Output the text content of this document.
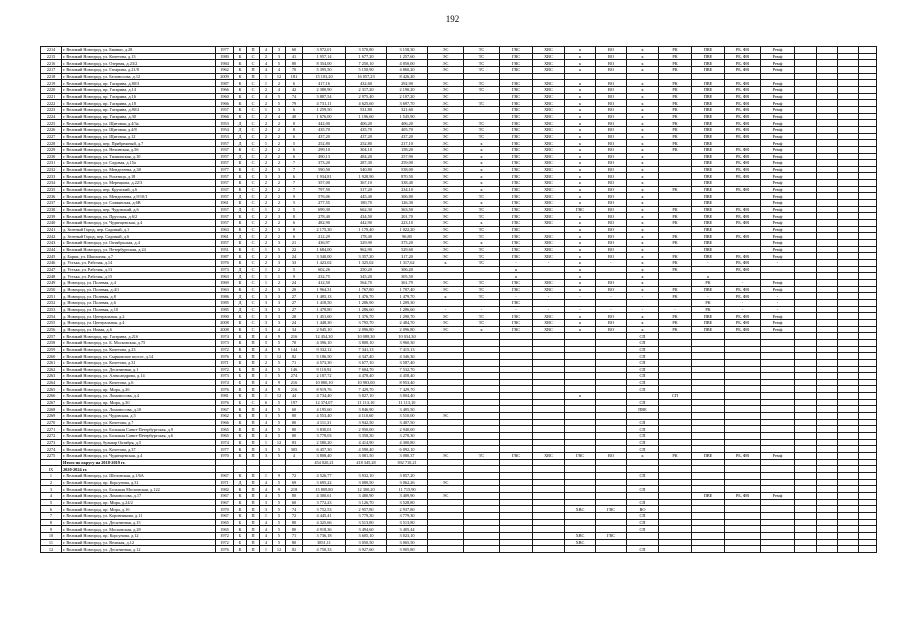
192
2214	г. Великий Новгород, ул. Бианки, д.28	1977	К	П	4	3	60	3 972,01	3 570,80	3 158,30	ЭС	ТС	ГВС	ХВС	к	ВО	к	РК	ПВЕ	РБ, ФВ	Ремф				
2215	г. Великий Новгород, ул. Кочетова, д.13	1980	К	С	2	3	41	1 957,14	1 677,20	1 257,60	ЭС	ТС	ГВС	ХВС	к	ВО	к	РК	ПВЕ	РБ, ФВ	Ремф				
2216	г. Великий Новгород, ул. Озерная, д.23/2	1984	К	С	4	5	80	8 354,00	7 250,10	4 850,00	ЭС	ТС	ГВС	ХВС	к	ВО	к	РК	ПВЕ	РБ, ФВ	Ремф				
2217	г. Великий Новгород, ул. Гагарина, д.21/8	1962	К	П	4	4	70	5 395,50	5 150,90	4 860,20	ЭС	ТС	ГВС	ХВС	к	ВО	к	РК	ПВЕ	РБ, ФВ	Ремф				
2218	г. Великий Новгород, ул. Белоносова, д.12	2009	К	П	1	12	181	15 103,20	16 057,23	8 426,20															
2219	г. Великий Новгород, пр. Гагарина, д.80/3	1987	К	С	1	2	6	417,16	432,60	292,90	ЭС	ТС	ГВС	ХВС	к	ВО	к	РК	ПВЕ	РБ, ФВ	Ремф				
2220	г. Великий Новгород, пр. Гагарина, д.14	1966	К	С	2	4	42	2 380,90	2 317,20	2 190,20	ЭС	ТС	ГВС	ХВС	к	ВО	к	РК	ПВЕ	РБ, ФВ	Ремф				
2221	г. Великий Новгород, пр. Гагарина, д.16	1960	К	С	4	5	74	3 887,54	2 975,40	2 107,20	ЭС		ГВС	ХВС	к	ВО	к	РК	ПВЕ	РБ, ФВ	Ремф				
2222	г. Великий Новгород, пр. Гагарина, д.18	1966	К	С	2	5	79	4 731,11	4 625,60	3 697,70	ЭС	ТС	ГВС	ХВС	к	ВО	к	РК	ПВЕ	РБ, ФВ	Ремф				
2223	г. Великий Новгород, пр. Гагарина, д.80/2	1957	К	С	1	3	6	1 259,50	531,80	321,60	ЭС		ГВС	ХВС	к	ВО	к	РК	ПВЕ	РБ, ФВ	Ремф				
2224	г. Великий Новгород, пр. Гагарина, д.30	1966	К	С	2	4	40	1 676,00	1 196,60	1 545,90	ЭС		ГВС	ХВС	к	ВО	к	РК	ПВЕ	РБ, ФВ	Ремф				
2225	г. Великий Новгород, ул. Щитовая, д.4/3а	1953	Д	С	2	2	8	442,00	406,20	406,20	ЭС	ТС	ГВС	ХВС	к	ВО	к	РК	ПВЕ	РБ, ФВ	Ремф				
2226	г. Великий Новгород, ул. Щитовая, д.4/8	1954	Д	С	2	2	8	435,70	435,70	405,70	ЭС	ТС	ГВС	ХВС	к	ВО	к	РК	ПВЕ	РБ, ФВ	Ремф				
2227	г. Великий Новгород, ул. Щитовая, д.12	1953	Д	С	2	2	6	437,20	437,20	437,20	ЭС	ТС	ГВС	ХВС	к	ВО	к	РК	ПВЕ	РБ, ФВ	Ремф				
2228	г. Великий Новгород, пер. Прибрежный, д.7	1957	Д	С	1	2	5	252,80	252,80	217,10	ЭС	к	ГВС	ХВС	к	ВО	к	РК	ПВЕ		Ремф				
2229	г. Великий Новгород, ул. Нехинская, д.56	1937	К	С	2	2	6	299,10	304,10	158,20	ЭС	к	ГВС	ХВС	к	ВО	к	РК	ПВЕ	РБ, ФВ	Ремф				
2230	г. Великий Новгород, ул. Тихвинская, д.10	1957	Д	С	2	2	6	490,13	484,20	257,90	ЭС	к	ГВС	ХВС	к	ВО	к		ПВЕ	РБ, ФВ	Ремф				
2231	г. Великий Новгород, ул. Садовая, д.15а	1957	К	С	2	2	7	373,20	287,30	259,00	ЭС	к	ГВС	ХВС	к	ВО	к		ПВЕ	РБ, ФВ	Ремф				
2232	г. Великий Новгород, ул. Менделеева, д.30	1977	К	С	2	3	7	590,50	540,80	538,00	ЭС	к	ГВС	ХВС	к	ВО	к		ПВЕ	РБ, ФВ	Ремф				
2233	г. Великий Новгород, ул. Рогатица, д.18	1957	К	С	3	3	6	1 934,81	1 928,90	870,50	ЭС	к	ГВС	ХВС	к	ВО	к		ПВЕ	РБ, ФВ	Ремф				
2234	г. Великий Новгород, ул. Мерецкова, д.22/3	1957	К	С	2	2	7	357,00	367,10	338,40	ЭС	к	ГВС	ХВС	к	ВО	к		ПВЕ		Ремф				
2235	г. Великий Новгород, пер. Крупский, д.6	1937	К	С	2	2	7	797,50	317,20	234,10	ЭС	к	ГВС	ХВС	к	ВО	к	РК	ПВЕ	РБ, ФВ	Ремф				
2236	г. Великий Новгород, ул. Менделеева, д.9/10/1	1957	Д	С	2	2	9	576,06	445,40	306,80	ЭС	ТС	ГВС	ХВС	к	ВО	к		ПВЕ		Ремф				
2237	г. Великий Новгород, ул. Славянская, д.6В	1961	К	С	2	2	5	277,55	180,70	126,30	ЭС	к	ГВС	ХВС	к	ВО	к		ПВЕ		Ремф				
2238	г. Великий Новгород, пер. Чудовский, д.6	1957	Д	С	1	2	5	699,30	662,30	363,50	ЭС	ТС	ГВС	ХВС	ГВС	ВО	к	РК	ПВЕ	РБ, ФВ	Ремф				
2239	г. Великий Новгород, ул. Прусская, д.6/2	1937	К	С	2	3	8	278,40	434,50	201,70	ЭС	ТС	ГВС	ХВС	к	ВО	к	РК	ПВЕ	РБ, ФВ	Ремф				
2240	г. Великий Новгород, ул. Чудинцевская, д.4	1957	К	С	2	2	6	482,90	442,90	223,10	ЭС	к	ГВС	ХВС	к	ВО	к	РК	ПВЕ	РБ, ФВ	Ремф				
2241	д. Зеленый Город, пер. Садовый, д.1	1963	К	С	2	3	8	2 175,30	1 170,40	1 022,20	ЭС	ТС	ГВС		к	ВО	к		ПВЕ		Ремф				
2242	д. Зеленый Город, пер. Садовый, д.6	1961	Д	С	2	2	6	212,29	178,40	96,80	ЭС	ТС	ГВС	ХВС	к	ВО	к	РК	ПВЕ	РБ, ФВ	Ремф				
2243	г. Великий Новгород, ул. Октябрьская, д.4	1957	К	С	2	3	21	436,97	329,90	375,20	ЭС	к	ГВС	ХВС	к	ВО	к	РК	ПВЕ		Ремф				
2244	г. Великий Новгород, ул. Петербургская, д.24	1951	К	С	1	5	22	1 684,00	962,90	529,60	ЭС	ТС	ГВС	ХВС	к	ВО	к		ПВЕ		Ремф				
2245	д. Борки, ул. Школьная, д.7	1987	К	С	2	3	24	3 340,00	3 357,20	317,20	ЭС	ТС	ГВС	ХВС	к	ВО	к	РК	ПВЕ	РБ, ФВ	Ремф				
2246	д. Устька, ул. Рабочая, д.14	1976	К	С	2	3	33	1 423,02	1 325,02	1 317,62	к	ТС	-	-	к	-	к	РК	-	РБ, ФВ	-				
2247	д. Устька, ул. Рабочая, д.13	1973	Д	С	1	2	5	602,26	250,20	306,20			к		к		к	РК		РБ, ФВ					
2248	д. Устька, ул. Рабочая, д.15	1963	Д	С	1	1	9	232,75	345,20	305,50			к		к		к		к						
2249	д. Новгород, ул. Полевая, д.4	1969	К	С	1	2	24	412,50	564,70	361,79	ЭС	ТС	ГВС	ХВС	к	ВО	к		РК	-	Ремф				
2250	д. Новгород, ул. Полевая, д.4/1	1963	К	С	2	3	20	1 964,31	1 767,80	1 707,40	ЭС	ТС	ГВС	ХВС	к	ВО	к	РК	ПВЕ	РБ, ФВ	Ремф				
2251	д. Новгород, ул. Полевая, д.8	1986	Д	С	3	3	27	1 485,13	1 476,70	1 479,70	к	ТС	-	-	-	-	-	РК	-	РБ, ФВ	-				
2252	д. Новгород, ул. Полевая, д.6	1985	Д	С	3	3	27	1 418,50	1 286,90	1 209,30			ГВС						РК	-	-				
2253	д. Новгород, ул. Полевая, д.10	1985	Д	С	3	3	27	1 478,80	1 286,60	1 286,60	-	-	-	-	-	-	-	-	РК	-	-				
2254	д. Новгород, ул. Центральная, д.2	1990	К	С	3	3	28	1 451,60	1 376,70	1 290,70	ЭС	ТС	ГВС	ХВС	к	ВО	к	РК	ПВЕ	РБ, ФВ	Ремф				
2255	д. Новгород, ул. Центральная, д.4	2008	К	С	3	3	24	1 448,30	3 795,70	2 484,70	ЭС	ТС	ГВС	ХВС	к	ВО	к	РК	ПВЕ	РБ, ФВ	Ремф				
2256	д. Новгород, ул. Новая, д.6	2008	К	С	3	4	34	2 945,10	2 096,80	2 096,80	ЭС	к	ГВС	ХВС	к	ВО	к	РК	ПВЕ	РБ, ФВ	Ремф				
2257	г. Великий Новгород, пр. Гагарина, д.21б	1974	К	П	4	9	216	12 454,30	10 088,30	10 034,30							СП								
2258	г. Великий Новгород, ул. Б. Московская, д.75	1973	К	П	5	5	70	4 396,10	3 800,10	3 960,30							СП								
2259	г. Великий Новгород, ул. Кочетова, д.23	1972	К	П	4	9	144	9 332,12	7 341,13	7 415,13							СП								
2260	г. Великий Новгород, ул. Сырковское шоссе, д.14	1976	К	П	1	12	82	5 186,50	4 347,40	4 346,30							СП								
2261	г. Великий Новгород, ул. Кочетова, д.31	1971	К	П	2	5	71	4 573,30	3 677,10	3 587,40							СП								
2262	г. Великий Новгород, ул. Десятинная, д.1	1972	Б	П	4	5	146	9 110,92	7 604,70	7 532,70							СП								
2263	г. Великий Новгород, ул. Александрова, д.14	1973	Б	П	1	5	274	2 187,72	4 478,40	4 458,40							СП								
2264	г. Великий Новгород, ул. Кочетова, д.6	1974	Б	П	4	9	216	10 880,10	10 983,00	8 953,40							СП								
2265	г. Великий Новгород, пр. Мира, д.26	1976	К	П	4	9	216	8 919,76	7 429,70	7 429,70							СП								
2266	г. Великий Новгород, ул. Ломоносова, д.4	1981	К	П	1	12	44	4 734,40	3 827,10	3 804,40					к			СП							
2267	г. Великий Новгород, пр. Мира, д.30	1976	Б	С	6	5	197	12 374,07	11 113,10	11 113,10							СП								
2268	г. Великий Новгород, ул. Ломоносова, д.10	1967	К	П	4	5	60	4 195,60	3 846,90	3 405,50							ПВЕ								
2269	г. Великий Новгород, ул. Чудовская, д.5	1962	К	П	3	5	80	4 553,40	4 110,60	3 510,00	ЭС														
2270	г. Великий Новгород, ул. Кочетова, д.7	1966	К	П	4	5	80	4 111,31	3 942,50	3 407,50							СП								
2271	г. Великий Новгород, ул. Большая Санкт-Петербургская, д.9	1965	К	П	4	5	80	3 830,01	2 950,00	2 940,00							СП								
2272	г. Великий Новгород, ул. Большая Санкт-Петербургская, д.6	1965	К	П	4	5	80	3 778,03	3 358,30	3 278,30							СП								
2273	г. Великий Новгород, бульвар Октября, д.5	1974	К	П	1	12	83	2 580,20	4 414,90	4 300,80							СП								
2274	г. Великий Новгород, ул. Кочетова, д.37	1977	К	П	3	5	305	6 457,30	4 590,40	6 092,10							СП								
2275	г. Великий Новгород, ул. Чудинцевская, д.4	1970	К	П	3	5	4	3 808,40	3 081,50	3 080,37	ЭС	ТС	ГВС	ХВС	ГВС	ВО	к	РК	ПВЕ	РБ, ФВ	Ремф				
	Итого по округу на 2018-2019 гг.							454 020,21	418 345,28	392 710,21															
IX	2020-2024 гг.																								
1	г. Великий Новгород, ул. Шелонская, д.1/6А	1967	К	П	1	9	72	4 526,77	3 932,10	3 857,20							СП								
2	г. Великий Новгород, пр. Корсунова, д.31	1971	Д	П	4	5	69	3 695,22	3 080,50	3 062,26	ЭС														
3	г. Великий Новгород, ул. Большая Московская, д.122	1982	К	П	4	9	218	15 809,80	12 300,20	11 715,90							СП								
4	г. Великий Новгород, ул. Ломоносова, д.17	1967	К	П	4	5	80	4 300,61	3 480,90	3 409,90	ЭС								ПВЕ	РБ, ФВ	Ремф				
5	г. Великий Новгород, пр. Мира, д.24/2	1967	К	П	3	5	60	3 772,23	3 126,70	3 528,80							СП								
6	г. Великий Новгород, пр. Мира, д.16	1970	К	П	3	5	74	3 752,53	2 957,80	2 937,80					ХВС	ГВС	ВО								
7	г. Великий Новгород, ул. Коровникова, д.11	1967	К	П	1	5	72	4 445,41	3 779,30	3 779,30							СП								
8	г. Великий Новгород, ул. Десятинная, д.15	1965	Б	П	4	5	80	4 325,66	3 513,80	3 513,80							СП								
9	г. Великий Новгород, ул. Московская, д.28	1965	К	П	4	5	80	4 918,36	3 494,60	3 405,44							СП								
10	г. Великий Новгород, пр. Корсунова, д.12	1972	Б	П	4	5	71	3 736,18	3 605,10	3 023,10					ХВС	ГВС									
11	г. Великий Новгород, ул. Великая, д.12	1972	Б	П	4	5	80	3851,11	3 050,50	3 065,50					ХВС										
12	г. Великий Новгород, ул. Десятинная, д.12	1976	К	П	1	12	82	4 750,33	3 927,60	3 905,80							СП								
